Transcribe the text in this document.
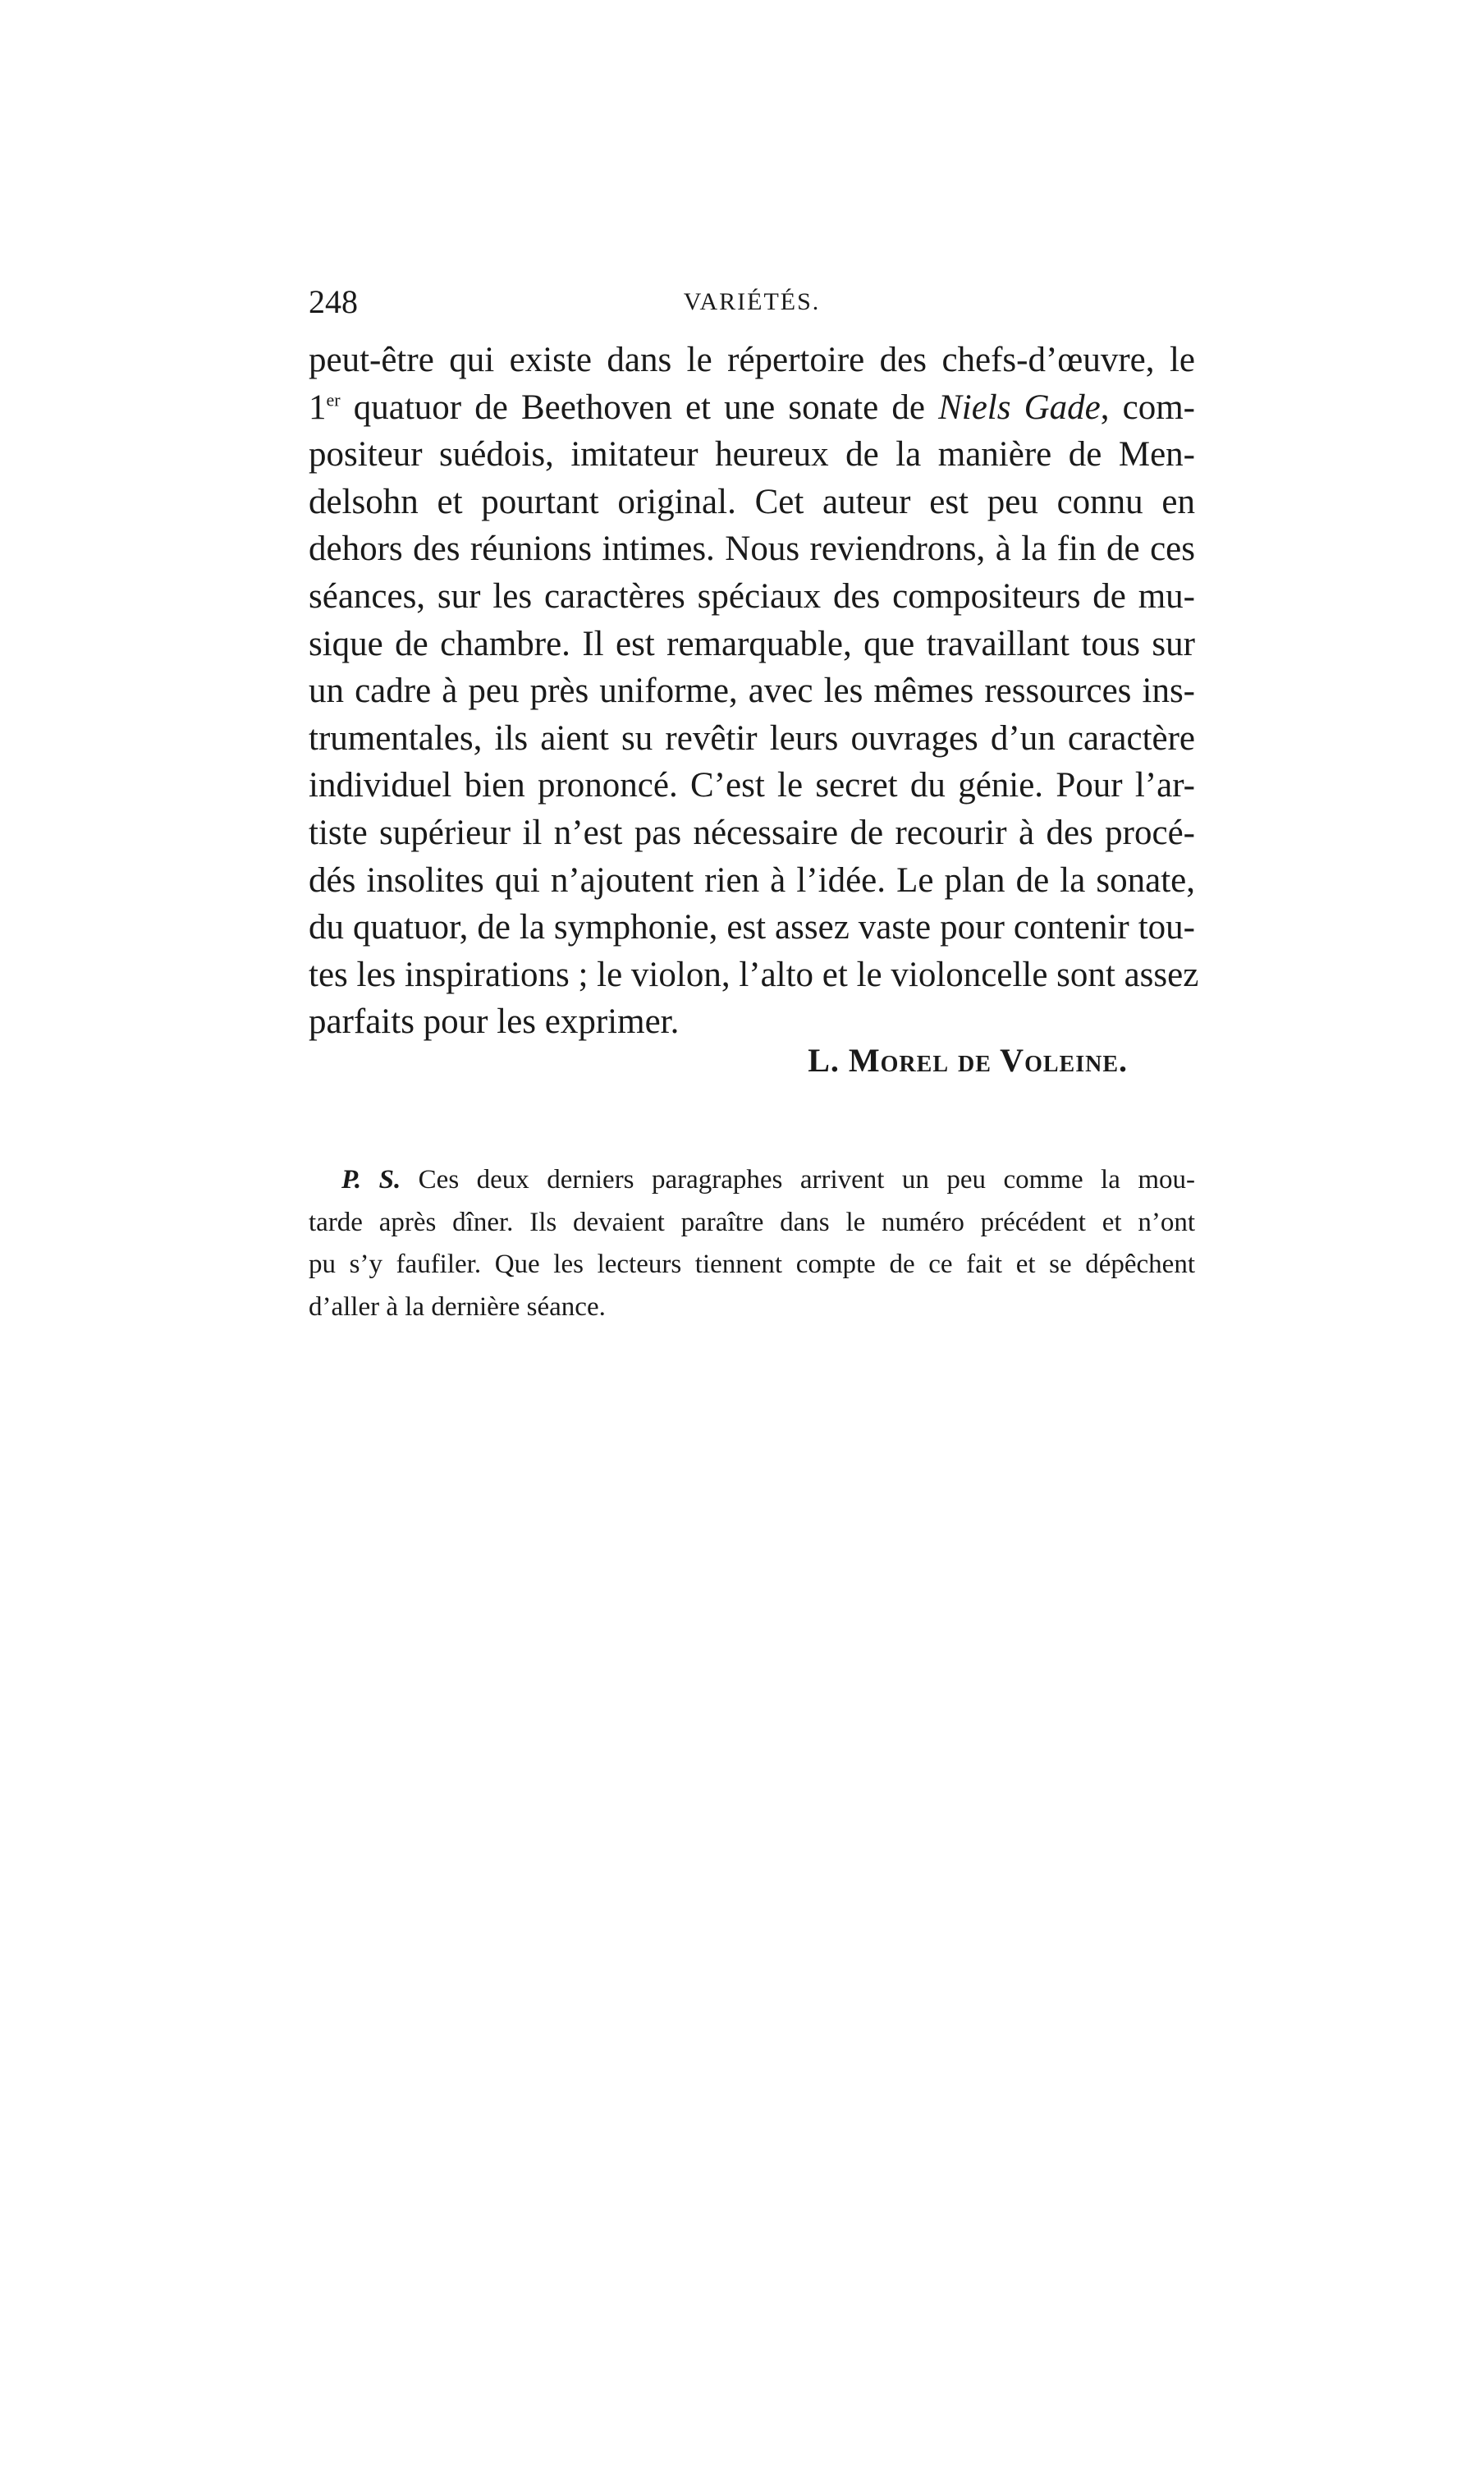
248	VARIÉTÉS.
peut-être qui existe dans le répertoire des chefs-d’œuvre, le
1er quatuor de Beethoven et une sonate de Niels Gade, com-
positeur suédois, imitateur heureux de la manière de Men-
delsohn et pourtant original. Cet auteur est peu connu en
dehors des réunions intimes. Nous reviendrons, à la fin de ces
séances, sur les caractères spéciaux des compositeurs de mu-
sique de chambre. Il est remarquable, que travaillant tous sur
un cadre à peu près uniforme, avec les mêmes ressources ins-
trumentales, ils aient su revêtir leurs ouvrages d’un caractère
individuel bien prononcé. C’est le secret du génie. Pour l’ar-
tiste supérieur il n’est pas nécessaire de recourir à des procé-
dés insolites qui n’ajoutent rien à l’idée. Le plan de la sonate,
du quatuor, de la symphonie, est assez vaste pour contenir tou-
tes les inspirations ; le violon, l’alto et le violoncelle sont assez
parfaits pour les exprimer.
L. Morel de Voleine.
P. S. Ces deux derniers paragraphes arrivent un peu comme la mou-
tarde après dîner. Ils devaient paraître dans le numéro précédent et n’ont
pu s’y faufiler. Que les lecteurs tiennent compte de ce fait et se dépêchent
d’aller à la dernière séance.
